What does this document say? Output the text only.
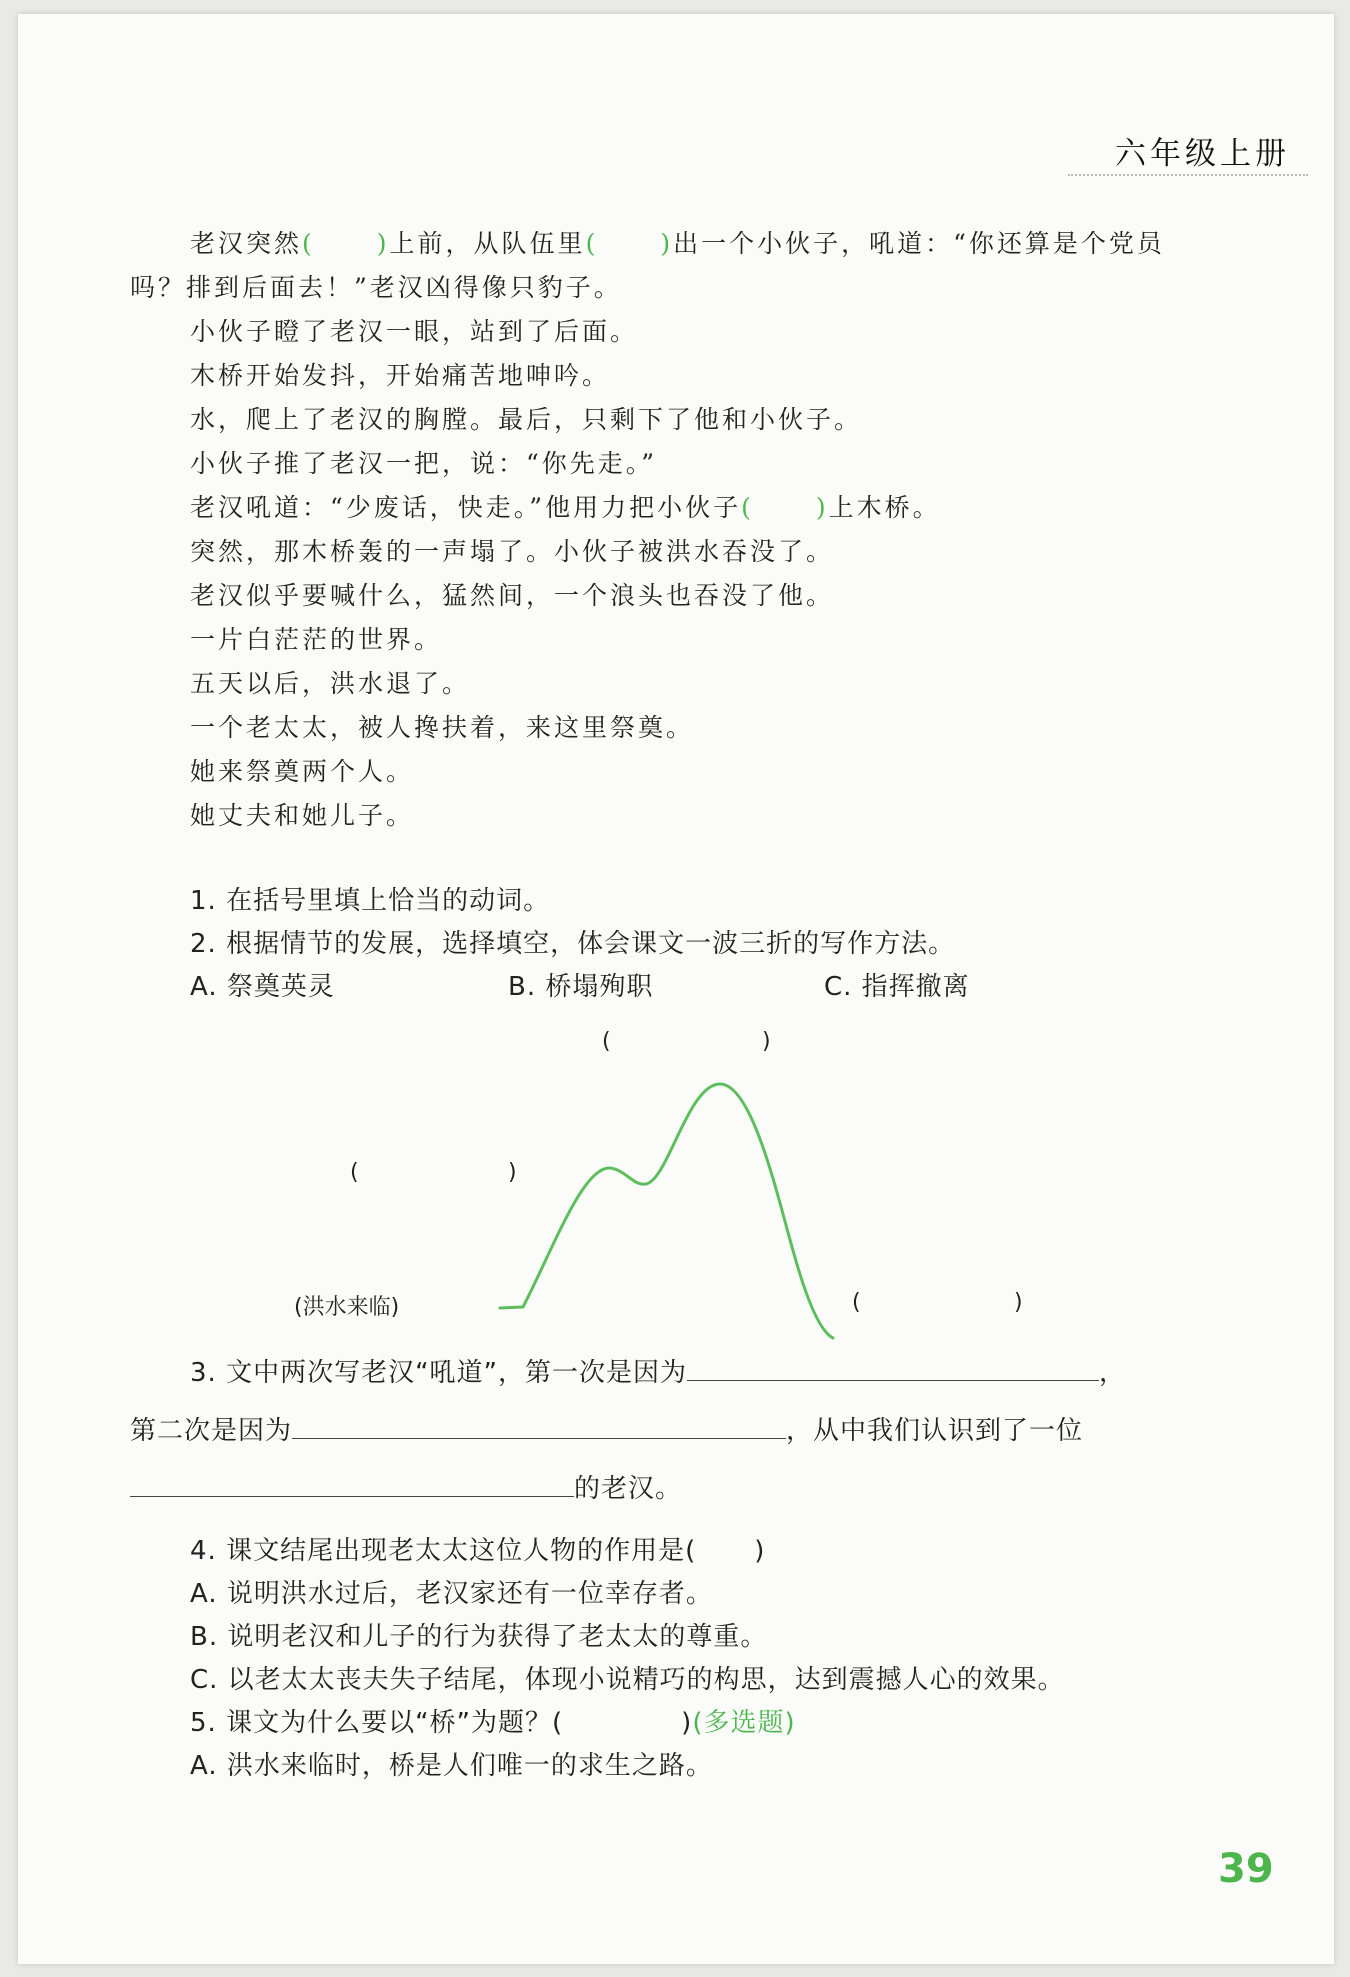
六年级上册
老汉突然( )上前，从队伍里( )出一个小伙子，吼道：“你还算是个党员
吗？排到后面去！”老汉凶得像只豹子。
小伙子瞪了老汉一眼，站到了后面。
木桥开始发抖，开始痛苦地呻吟。
水，爬上了老汉的胸膛。最后，只剩下了他和小伙子。
小伙子推了老汉一把，说：“你先走。”
老汉吼道：“少废话，快走。”他用力把小伙子( )上木桥。
突然，那木桥轰的一声塌了。小伙子被洪水吞没了。
老汉似乎要喊什么，猛然间，一个浪头也吞没了他。
一片白茫茫的世界。
五天以后，洪水退了。
一个老太太，被人搀扶着，来这里祭奠。
她来祭奠两个人。
她丈夫和她儿子。
1. 在括号里填上恰当的动词。
2. 根据情节的发展，选择填空，体会课文一波三折的写作方法。
A. 祭奠英灵	B. 桥塌殉职	C. 指挥撤离
(	)
(	)
(洪水来临)	(	)
3. 文中两次写老汉“吼道”，第一次是因为	，
第二次是因为	，从中我们认识到了一位
的老汉。
4. 课文结尾出现老太太这位人物的作用是( )
A. 说明洪水过后，老汉家还有一位幸存者。
B. 说明老汉和儿子的行为获得了老太太的尊重。
C. 以老太太丧夫失子结尾，体现小说精巧的构思，达到震撼人心的效果。
5. 课文为什么要以“桥”为题？(	)(多选题)
A. 洪水来临时，桥是人们唯一的求生之路。
39
